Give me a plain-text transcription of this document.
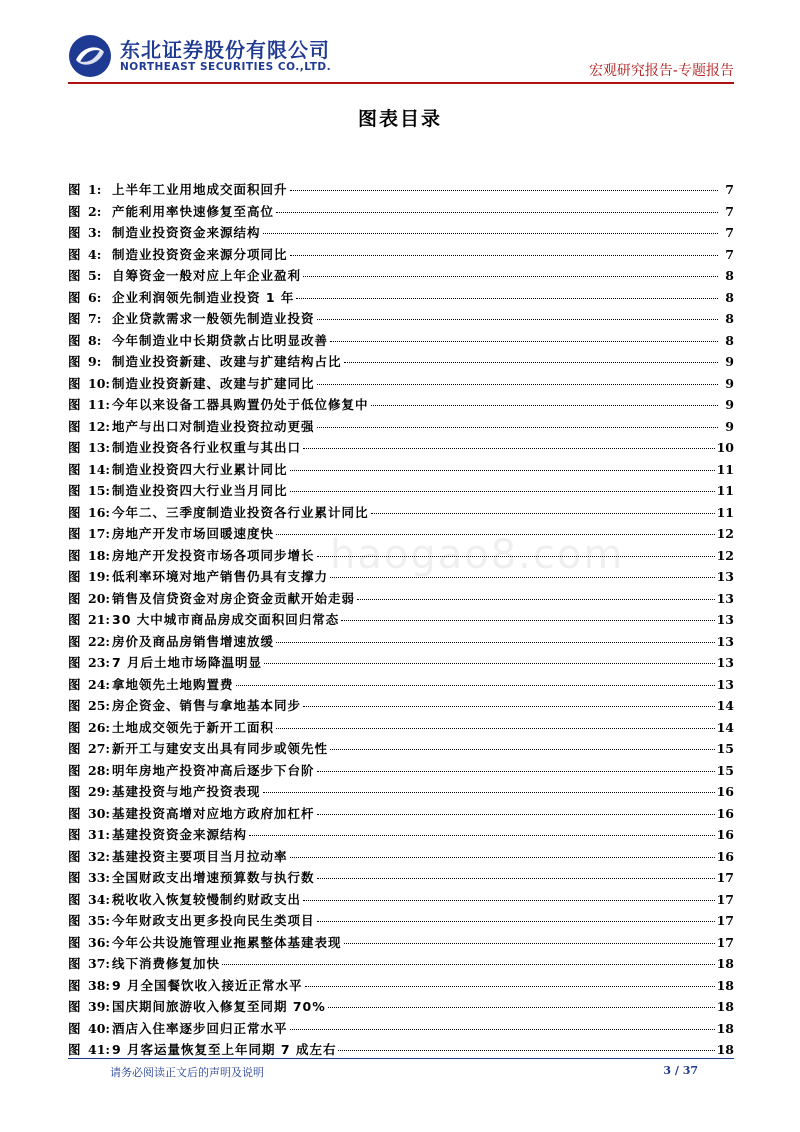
东北证券股份有限公司
NORTHEAST SECURITIES CO.,LTD.	宏观研究报告-专题报告
图表目录
haogao8.com
图 1: 上半年工业用地成交面积回升	7
图 2: 产能利用率快速修复至高位	7
图 3: 制造业投资资金来源结构	7
图 4: 制造业投资资金来源分项同比	7
图 5: 自筹资金一般对应上年企业盈利	8
图 6: 企业利润领先制造业投资 1 年	8
图 7: 企业贷款需求一般领先制造业投资	8
图 8: 今年制造业中长期贷款占比明显改善	8
图 9: 制造业投资新建、改建与扩建结构占比	9
图 10: 制造业投资新建、改建与扩建同比	9
图 11: 今年以来设备工器具购置仍处于低位修复中	9
图 12: 地产与出口对制造业投资拉动更强	9
图 13: 制造业投资各行业权重与其出口	10
图 14: 制造业投资四大行业累计同比	11
图 15: 制造业投资四大行业当月同比	11
图 16: 今年二、三季度制造业投资各行业累计同比	11
图 17: 房地产开发市场回暖速度快	12
图 18: 房地产开发投资市场各项同步增长	12
图 19: 低利率环境对地产销售仍具有支撑力	13
图 20: 销售及信贷资金对房企资金贡献开始走弱	13
图 21: 30 大中城市商品房成交面积回归常态	13
图 22: 房价及商品房销售增速放缓	13
图 23: 7 月后土地市场降温明显	13
图 24: 拿地领先土地购置费	13
图 25: 房企资金、销售与拿地基本同步	14
图 26: 土地成交领先于新开工面积	14
图 27: 新开工与建安支出具有同步或领先性	15
图 28: 明年房地产投资冲高后逐步下台阶	15
图 29: 基建投资与地产投资表现	16
图 30: 基建投资高增对应地方政府加杠杆	16
图 31: 基建投资资金来源结构	16
图 32: 基建投资主要项目当月拉动率	16
图 33: 全国财政支出增速预算数与执行数	17
图 34: 税收收入恢复较慢制约财政支出	17
图 35: 今年财政支出更多投向民生类项目	17
图 36: 今年公共设施管理业拖累整体基建表现	17
图 37: 线下消费修复加快	18
图 38: 9 月全国餐饮收入接近正常水平	18
图 39: 国庆期间旅游收入修复至同期 70%	18
图 40: 酒店入住率逐步回归正常水平	18
图 41: 9 月客运量恢复至上年同期 7 成左右	18
请务必阅读正文后的声明及说明	3 / 37
